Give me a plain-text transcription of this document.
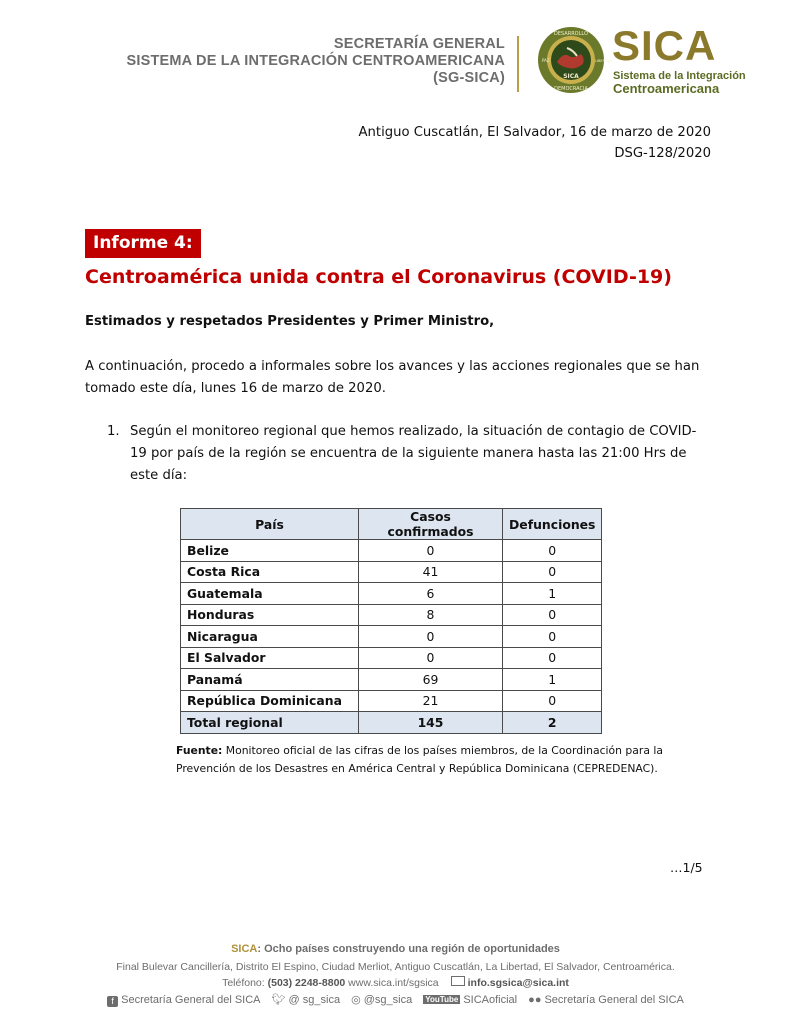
SECRETARÍA GENERAL
SISTEMA DE LA INTEGRACIÓN CENTROAMERICANA
(SG-SICA)
DESARROLLO
DEMOCRACIA
SICA
PAZ	LIBERTAD SICA
Sistema de la Integración
Centroamericana
Antiguo Cuscatlán, El Salvador, 16 de marzo de 2020
DSG-128/2020
Informe 4:
Centroamérica unida contra el Coronavirus (COVID-19)
Estimados y respetados Presidentes y Primer Ministro,
A continuación, procedo a informales sobre los avances y las acciones regionales que se han tomado este día, lunes 16 de marzo de 2020.
1. Según el monitoreo regional que hemos realizado, la situación de contagio de COVID-19 por país de la región se encuentra de la siguiente manera hasta las 21:00 Hrs de este día:
País	Casos confirmados	Defunciones
Belize	0	0
Costa Rica	41	0
Guatemala	6	1
Honduras	8	0
Nicaragua	0	0
El Salvador	0	0
Panamá	69	1
República Dominicana	21	0
Total regional	145	2
Fuente: Monitoreo oficial de las cifras de los países miembros, de la Coordinación para la Prevención de los Desastres en América Central y República Dominicana (CEPREDENAC).
…1/5
SICA: Ocho países construyendo una región de oportunidades
Final Bulevar Cancillería, Distrito El Espino, Ciudad Merliot, Antiguo Cuscatlán, La Libertad, El Salvador, Centroamérica.
Teléfono: (503) 2248-8800 www.sica.int/sgsica	info.sgsica@sica.int
f Secretaría General del SICA 🐦︎ @ sg_sica ◎ @sg_sica YouTube SICAoficial ●● Secretaría General del SICA
